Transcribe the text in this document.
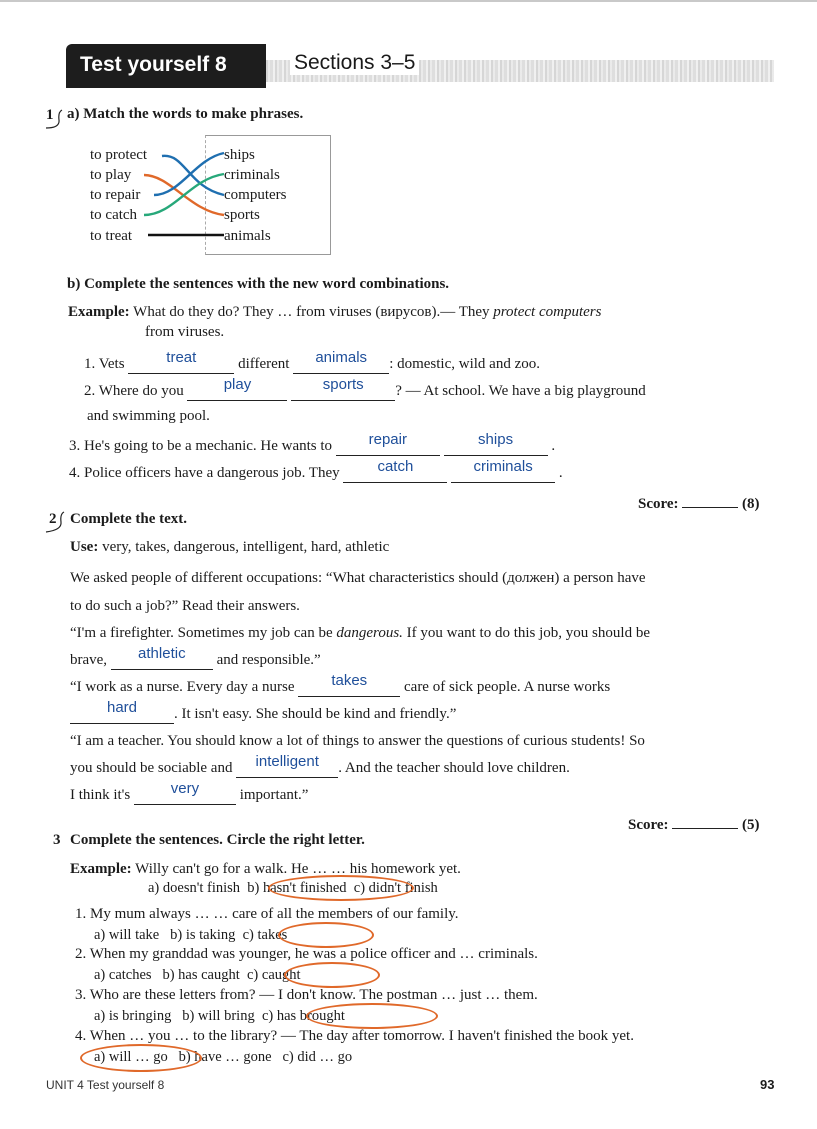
Test yourself 8	Sections 3–5
1 a) Match the words to make phrases.
to protect
to play
to repair
to catch
to treat
ships
criminals
computers
sports
animals
b) Complete the sentences with the new word combinations.
Example: What do they do? They … from viruses (вирусов).— They protect computers
from viruses.
1. Vets	treat	different animals : domestic, wild and zoo.
2. Where do you	play	sports ? — At school. We have a big playground
and swimming pool.
3. He's going to be a mechanic. He wants to repair	ships	.
4. Police officers have a dangerous job. They	catch	criminals .
Score:	(8)
2 Complete the text.
Use: very, takes, dangerous, intelligent, hard, athletic
We asked people of different occupations: “What characteristics should (должен) a person have
to do such a job?” Read their answers.
“I'm a firefighter. Sometimes my job can be dangerous. If you want to do this job, you should be
brave, athletic and responsible.”
“I work as a nurse. Every day a nurse takes care of sick people. A nurse works
hard . It isn't easy. She should be kind and friendly.”
“I am a teacher. You should know a lot of things to answer the questions of curious students! So
you should be sociable and intelligent . And the teacher should love children.
I think it's	very	important.”
Score:	(5)
3 Complete the sentences. Circle the right letter.
Example: Willy can't go for a walk. He … … his homework yet.
a) doesn't finish b) hasn't finished c) didn't finish
1. My mum always … … care of all the members of our family.
a) will take b) is taking c) takes
2. When my granddad was younger, he was a police officer and … criminals.
a) catches b) has caught c) caught
3. Who are these letters from? — I don't know. The postman … just … them.
a) is bringing b) will bring c) has brought
4. When … you … to the library? — The day after tomorrow. I haven't finished the book yet.
a) will … go b) have … gone c) did … go
UNIT 4 Test yourself 8	93
